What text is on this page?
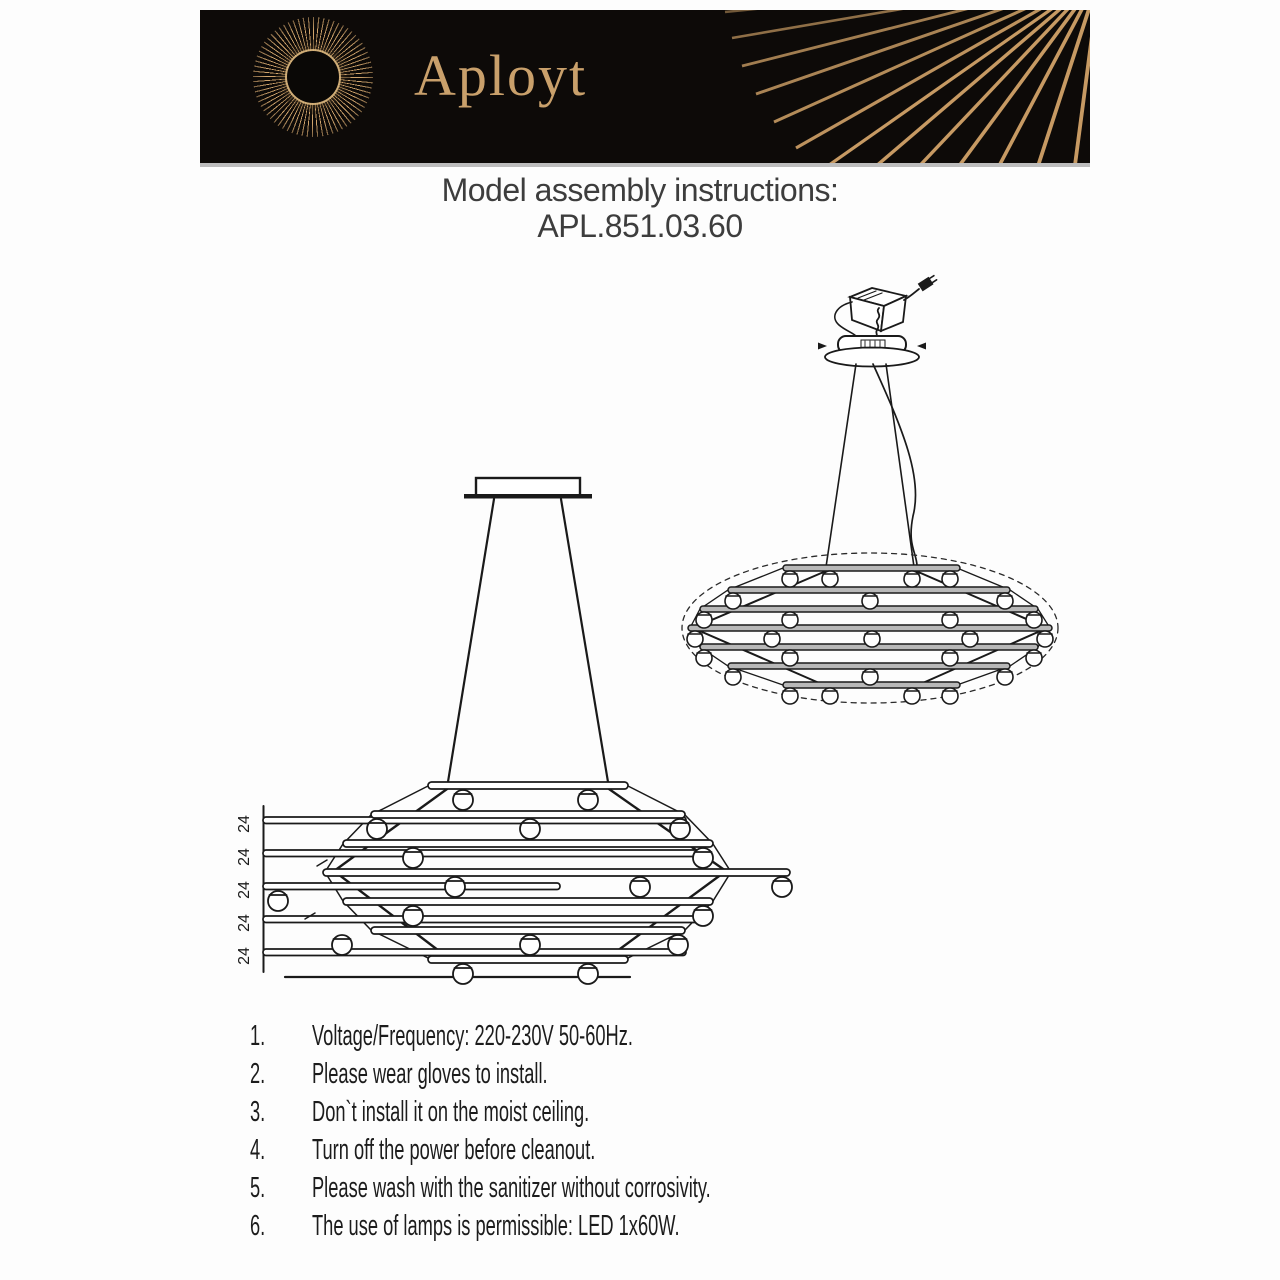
Aployt
Model assembly instructions:
APL.851.03.60
24
24
24
24
24
1. Voltage/Frequency: 220-230V 50-60Hz.
2. Please wear gloves to install.
3. Don`t install it on the moist ceiling.
4. Turn off the power before cleanout.
5. Please wash with the sanitizer without corrosivity.
6. The use of lamps is permissible: LED 1x60W.
